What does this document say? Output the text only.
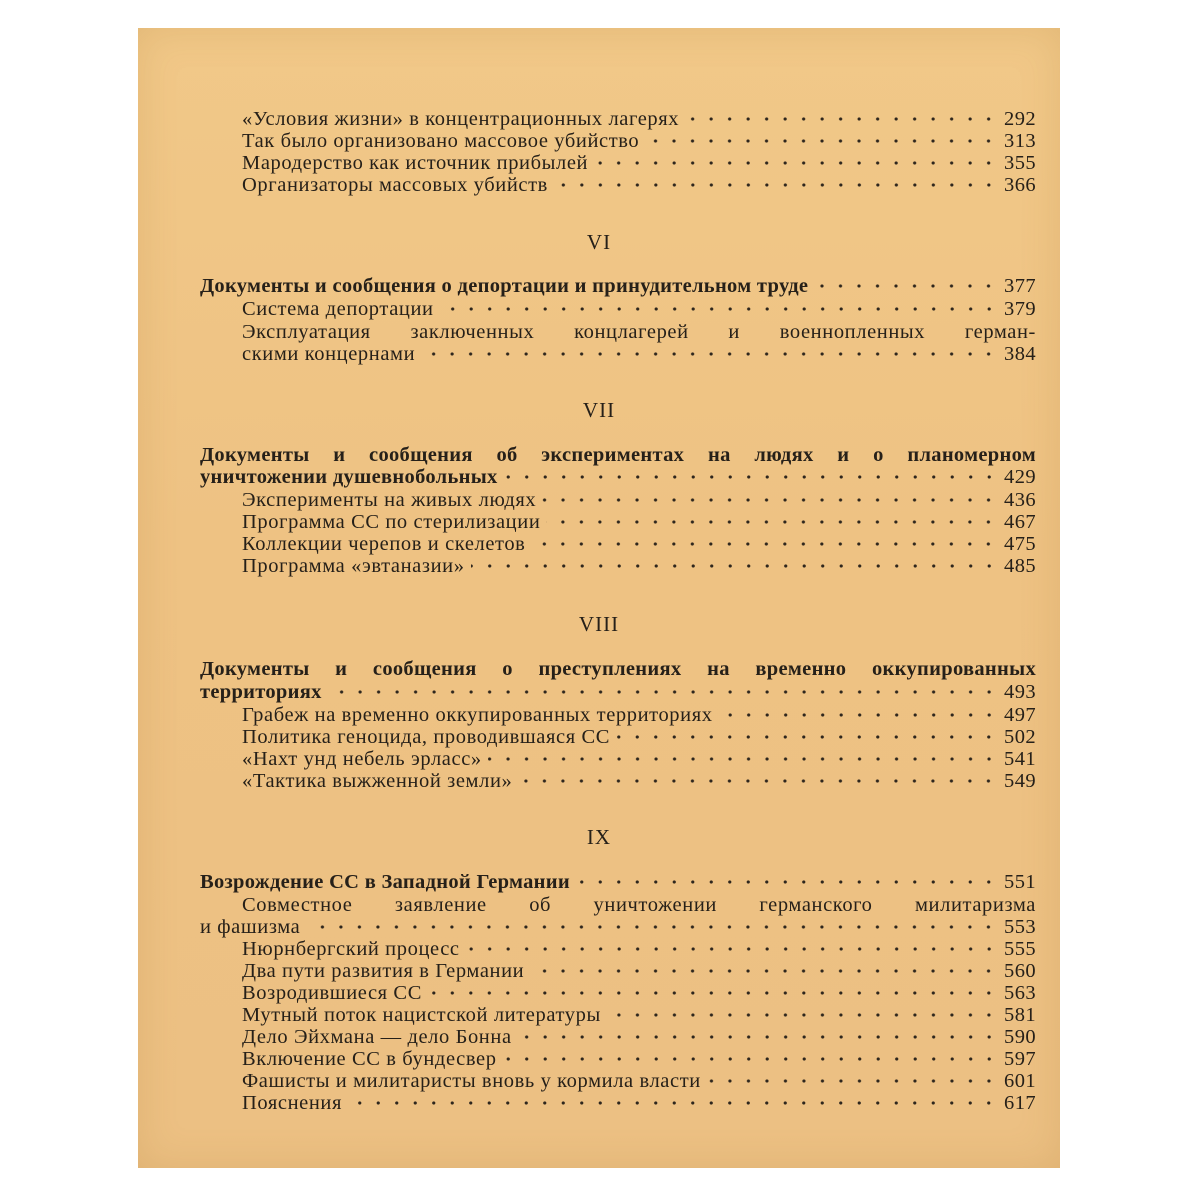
«Условия жизни» в концентрационных лагерях	292
Так было организовано массовое убийство	313
Мародерство как источник прибылей	355
Организаторы массовых убийств	366
VI
Документы и сообщения о депортации и принудительном труде	377
Система депортации	379
Эксплуатация заключенных концлагерей и военнопленных герман-
скими концернами	384
VII
Документы и сообщения об экспериментах на людях и о планомерном
уничтожении душевнобольных	429
Эксперименты на живых людях	436
Программа СС по стерилизации	467
Коллекции черепов и скелетов	475
Программа «эвтаназии»	485
VIII
Документы и сообщения о преступлениях на временно оккупированных
территориях	493
Грабеж на временно оккупированных территориях	497
Политика геноцида, проводившаяся СС	502
«Нахт унд небель эрласс»	541
«Тактика выжженной земли»	549
IX
Возрождение СС в Западной Германии	551
Совместное заявление об уничтожении германского милитаризма
и фашизма	553
Нюрнбергский процесс	555
Два пути развития в Германии	560
Возродившиеся СС	563
Мутный поток нацистской литературы	581
Дело Эйхмана — дело Бонна	590
Включение СС в бундесвер	597
Фашисты и милитаристы вновь у кормила власти	601
Пояснения	617
